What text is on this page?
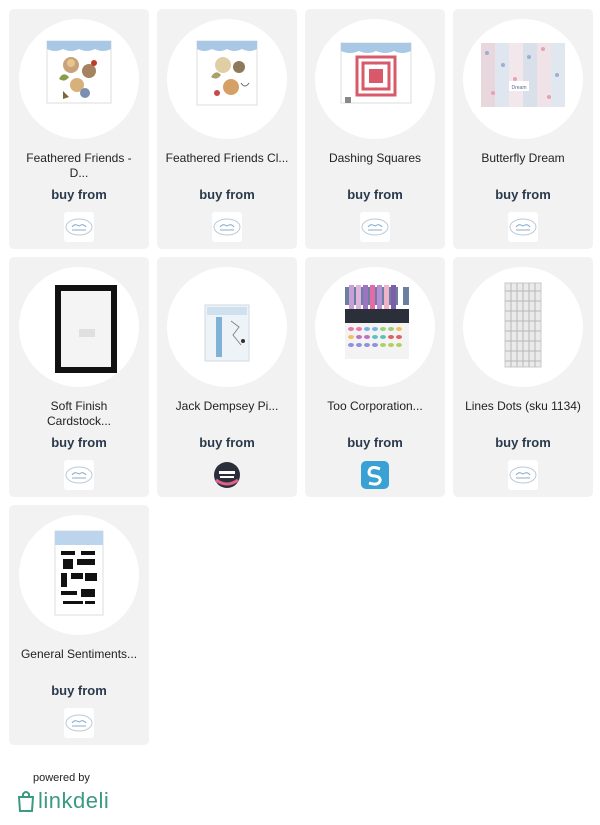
Feathered Friends -
D...
buy from
Feathered Friends Cl...
buy from
Dashing Squares
buy from
Dream
Butterfly Dream
buy from
Soft Finish
Cardstock...
buy from
Jack Dempsey Pi...
buy from
Too Corporation...
buy from
Lines Dots (sku 1134)
buy from
General Sentiments...
buy from
powered by
linkdeli
